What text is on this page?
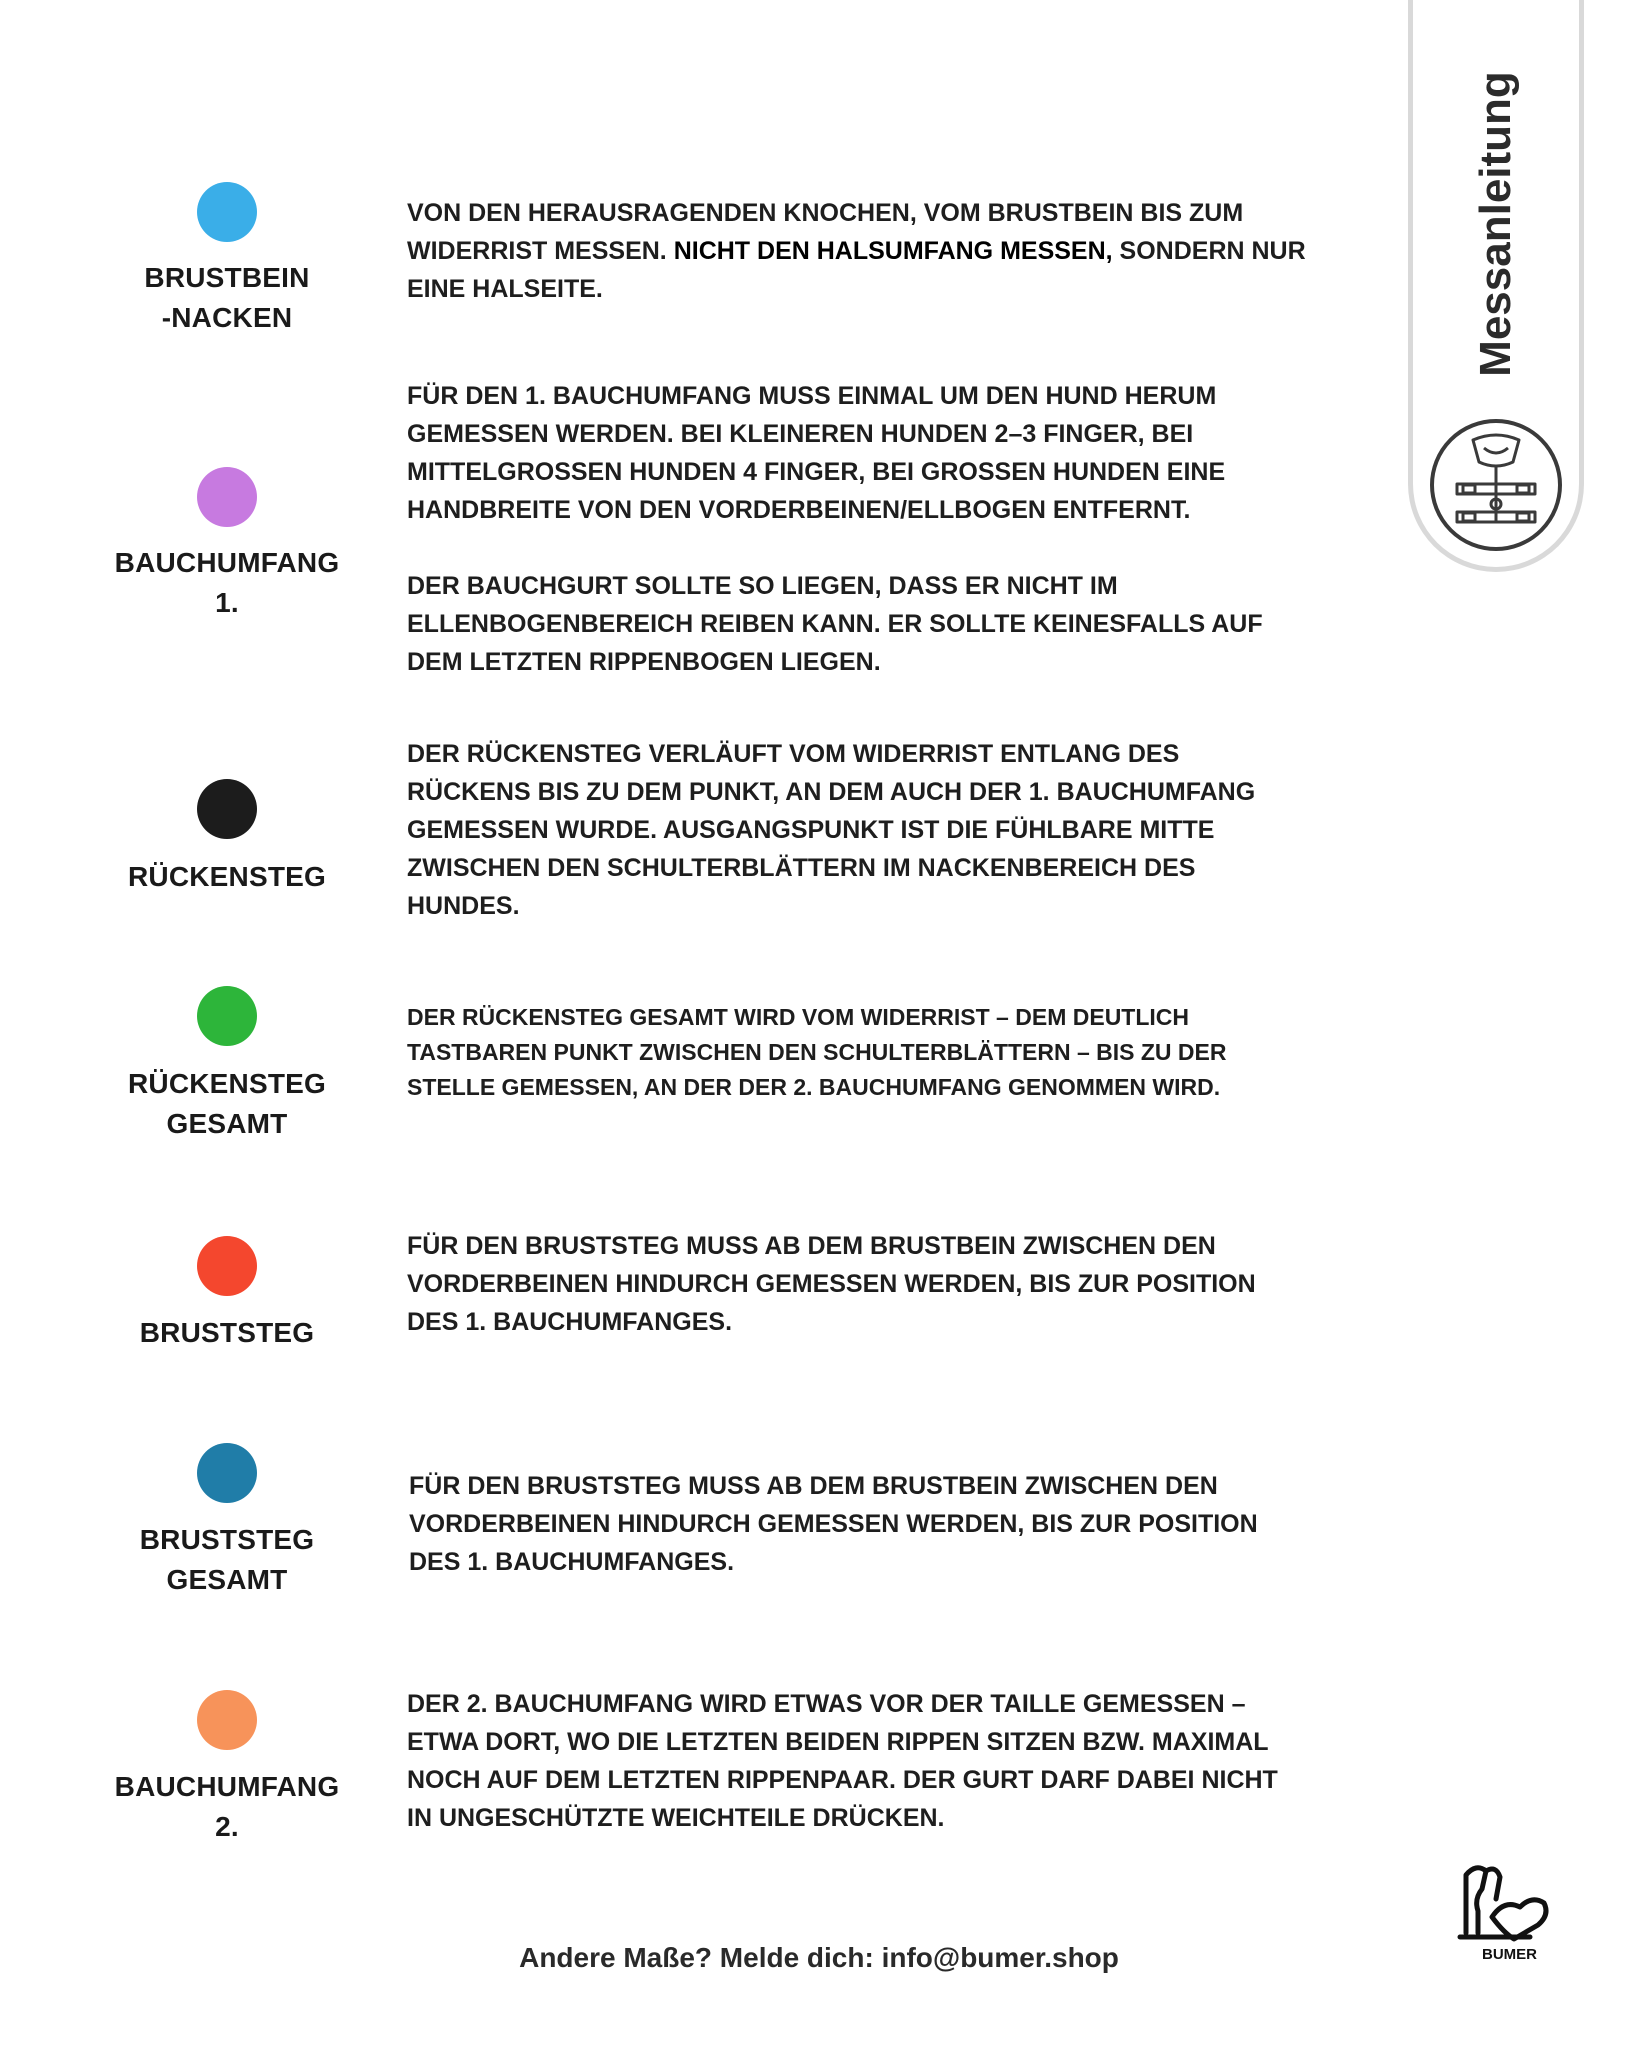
Messanleitung
BRUSTBEIN
-NACKEN
VON DEN HERAUSRAGENDEN KNOCHEN, VOM BRUSTBEIN BIS ZUM WIDERRIST MESSEN. NICHT DEN HALSUMFANG MESSEN, SONDERN NUR EINE HALSEITE.
BAUCHUMFANG
1.

FÜR DEN 1. BAUCHUMFANG MUSS EINMAL UM DEN HUND HERUM GEMESSEN WERDEN. BEI KLEINEREN HUNDEN 2–3 FINGER, BEI MITTELGROSSEN HUNDEN 4 FINGER, BEI GROSSEN HUNDEN EINE HANDBREITE VON DEN VORDERBEINEN/ELLBOGEN ENTFERNT.

DER BAUCHGURT SOLLTE SO LIEGEN, DASS ER NICHT IM ELLENBOGENBEREICH REIBEN KANN. ER SOLLTE KEINESFALLS AUF DEM LETZTEN RIPPENBOGEN LIEGEN.

RÜCKENSTEG
DER RÜCKENSTEG VERLÄUFT VOM WIDERRIST ENTLANG DES RÜCKENS BIS ZU DEM PUNKT, AN DEM AUCH DER 1. BAUCHUMFANG GEMESSEN WURDE. AUSGANGSPUNKT IST DIE FÜHLBARE MITTE ZWISCHEN DEN SCHULTERBLÄTTERN IM NACKENBEREICH DES HUNDES.
RÜCKENSTEG
GESAMT
DER RÜCKENSTEG GESAMT WIRD VOM WIDERRIST – DEM DEUTLICH TASTBAREN PUNKT ZWISCHEN DEN SCHULTERBLÄTTERN – BIS ZU DER STELLE GEMESSEN, AN DER DER 2. BAUCHUMFANG GENOMMEN WIRD.
BRUSTSTEG
FÜR DEN BRUSTSTEG MUSS AB DEM BRUSTBEIN ZWISCHEN DEN VORDERBEINEN HINDURCH GEMESSEN WERDEN, BIS ZUR POSITION DES 1. BAUCHUMFANGES.
BRUSTSTEG
GESAMT
FÜR DEN BRUSTSTEG MUSS AB DEM BRUSTBEIN ZWISCHEN DEN VORDERBEINEN HINDURCH GEMESSEN WERDEN, BIS ZUR POSITION DES 1. BAUCHUMFANGES.
BAUCHUMFANG
2.
DER 2. BAUCHUMFANG WIRD ETWAS VOR DER TAILLE GEMESSEN – ETWA DORT, WO DIE LETZTEN BEIDEN RIPPEN SITZEN BZW. MAXIMAL NOCH AUF DEM LETZTEN RIPPENPAAR. DER GURT DARF DABEI NICHT IN UNGESCHÜTZTE WEICHTEILE DRÜCKEN.
BUMER
Andere Maße? Melde dich: info@bumer.shop
